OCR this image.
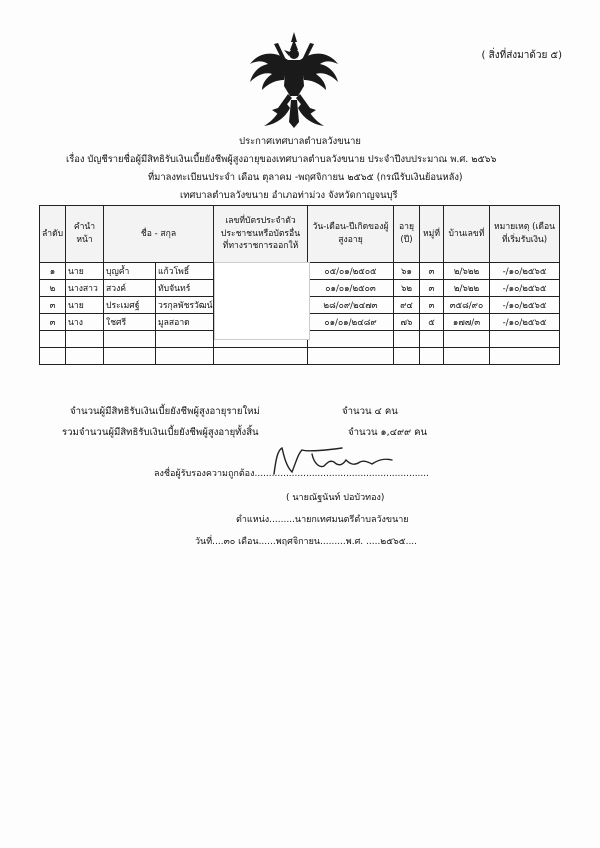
( สิ่งที่ส่งมาด้วย ๕)
ประกาศเทศบาลตำบลวังขนาย
เรื่อง บัญชีรายชื่อผู้มีสิทธิรับเงินเบี้ยยังชีพผู้สูงอายุของเทศบาลตำบลวังขนาย ประจำปีงบประมาณ พ.ศ. ๒๕๖๖
ที่มาลงทะเบียนประจำ เดือน ตุลาคม -พฤศจิกายน ๒๕๖๕ (กรณีรับเงินย้อนหลัง)
เทศบาลตำบลวังขนาย อำเภอท่าม่วง จังหวัดกาญจนบุรี
ลำดับ	คำนำหน้า	ชื่อ - สกุล		เลขที่บัตรประจำตัวประชาชนหรือบัตรอื่นที่ทางราชการออกให้	วัน-เดือน-ปีเกิดของผู้สูงอายุ	อายุ (ปี)	หมู่ที่	บ้านเลขที่	หมายเหตุ (เดือนที่เริ่มรับเงิน)
๑	นาย	บุญค้ำ	แก้วโพธิ์		๐๕/๐๑/๒๕๐๕	๖๑	๓	๒/๖๒๒	-/๑๐/๒๕๖๕
๒	นางสาว	สวงค์	ทับจันทร์		๐๑/๐๑/๒๕๐๓	๖๒	๓	๒/๖๒๒	-/๑๐/๒๕๖๕
๓	นาย	ประเมศฐ์	วรกุลพัชรวัฒน์		๒๘/๐๙/๒๔๗๓	๙๔	๓	๓๕๘/๙๐	-/๑๐/๒๕๖๕
๓	นาง	ใชศรี	มูลสอาด		๐๑/๐๑/๒๔๘๙	๗๖	๕	๑๗๗/๓	-/๑๐/๒๕๖๕

จำนวนผู้มีสิทธิรับเงินเบี้ยยังชีพผู้สูงอายุรายใหม่	จำนวน ๔ คน
รวมจำนวนผู้มีสิทธิรับเงินเบี้ยยังชีพผู้สูงอายุทั้งสิ้น	จำนวน ๑,๔๙๙ คน
ลงชื่อผู้รับรองความถูกต้อง.............................................................
( นายณัฐนันท์ ปอบัวทอง)
ตำแหน่ง.........นายกเทศมนตรีตำบลวังขนาย
วันที่....๓๐ เดือน......พฤศจิกายน.........พ.ศ. .....๒๕๖๕....
